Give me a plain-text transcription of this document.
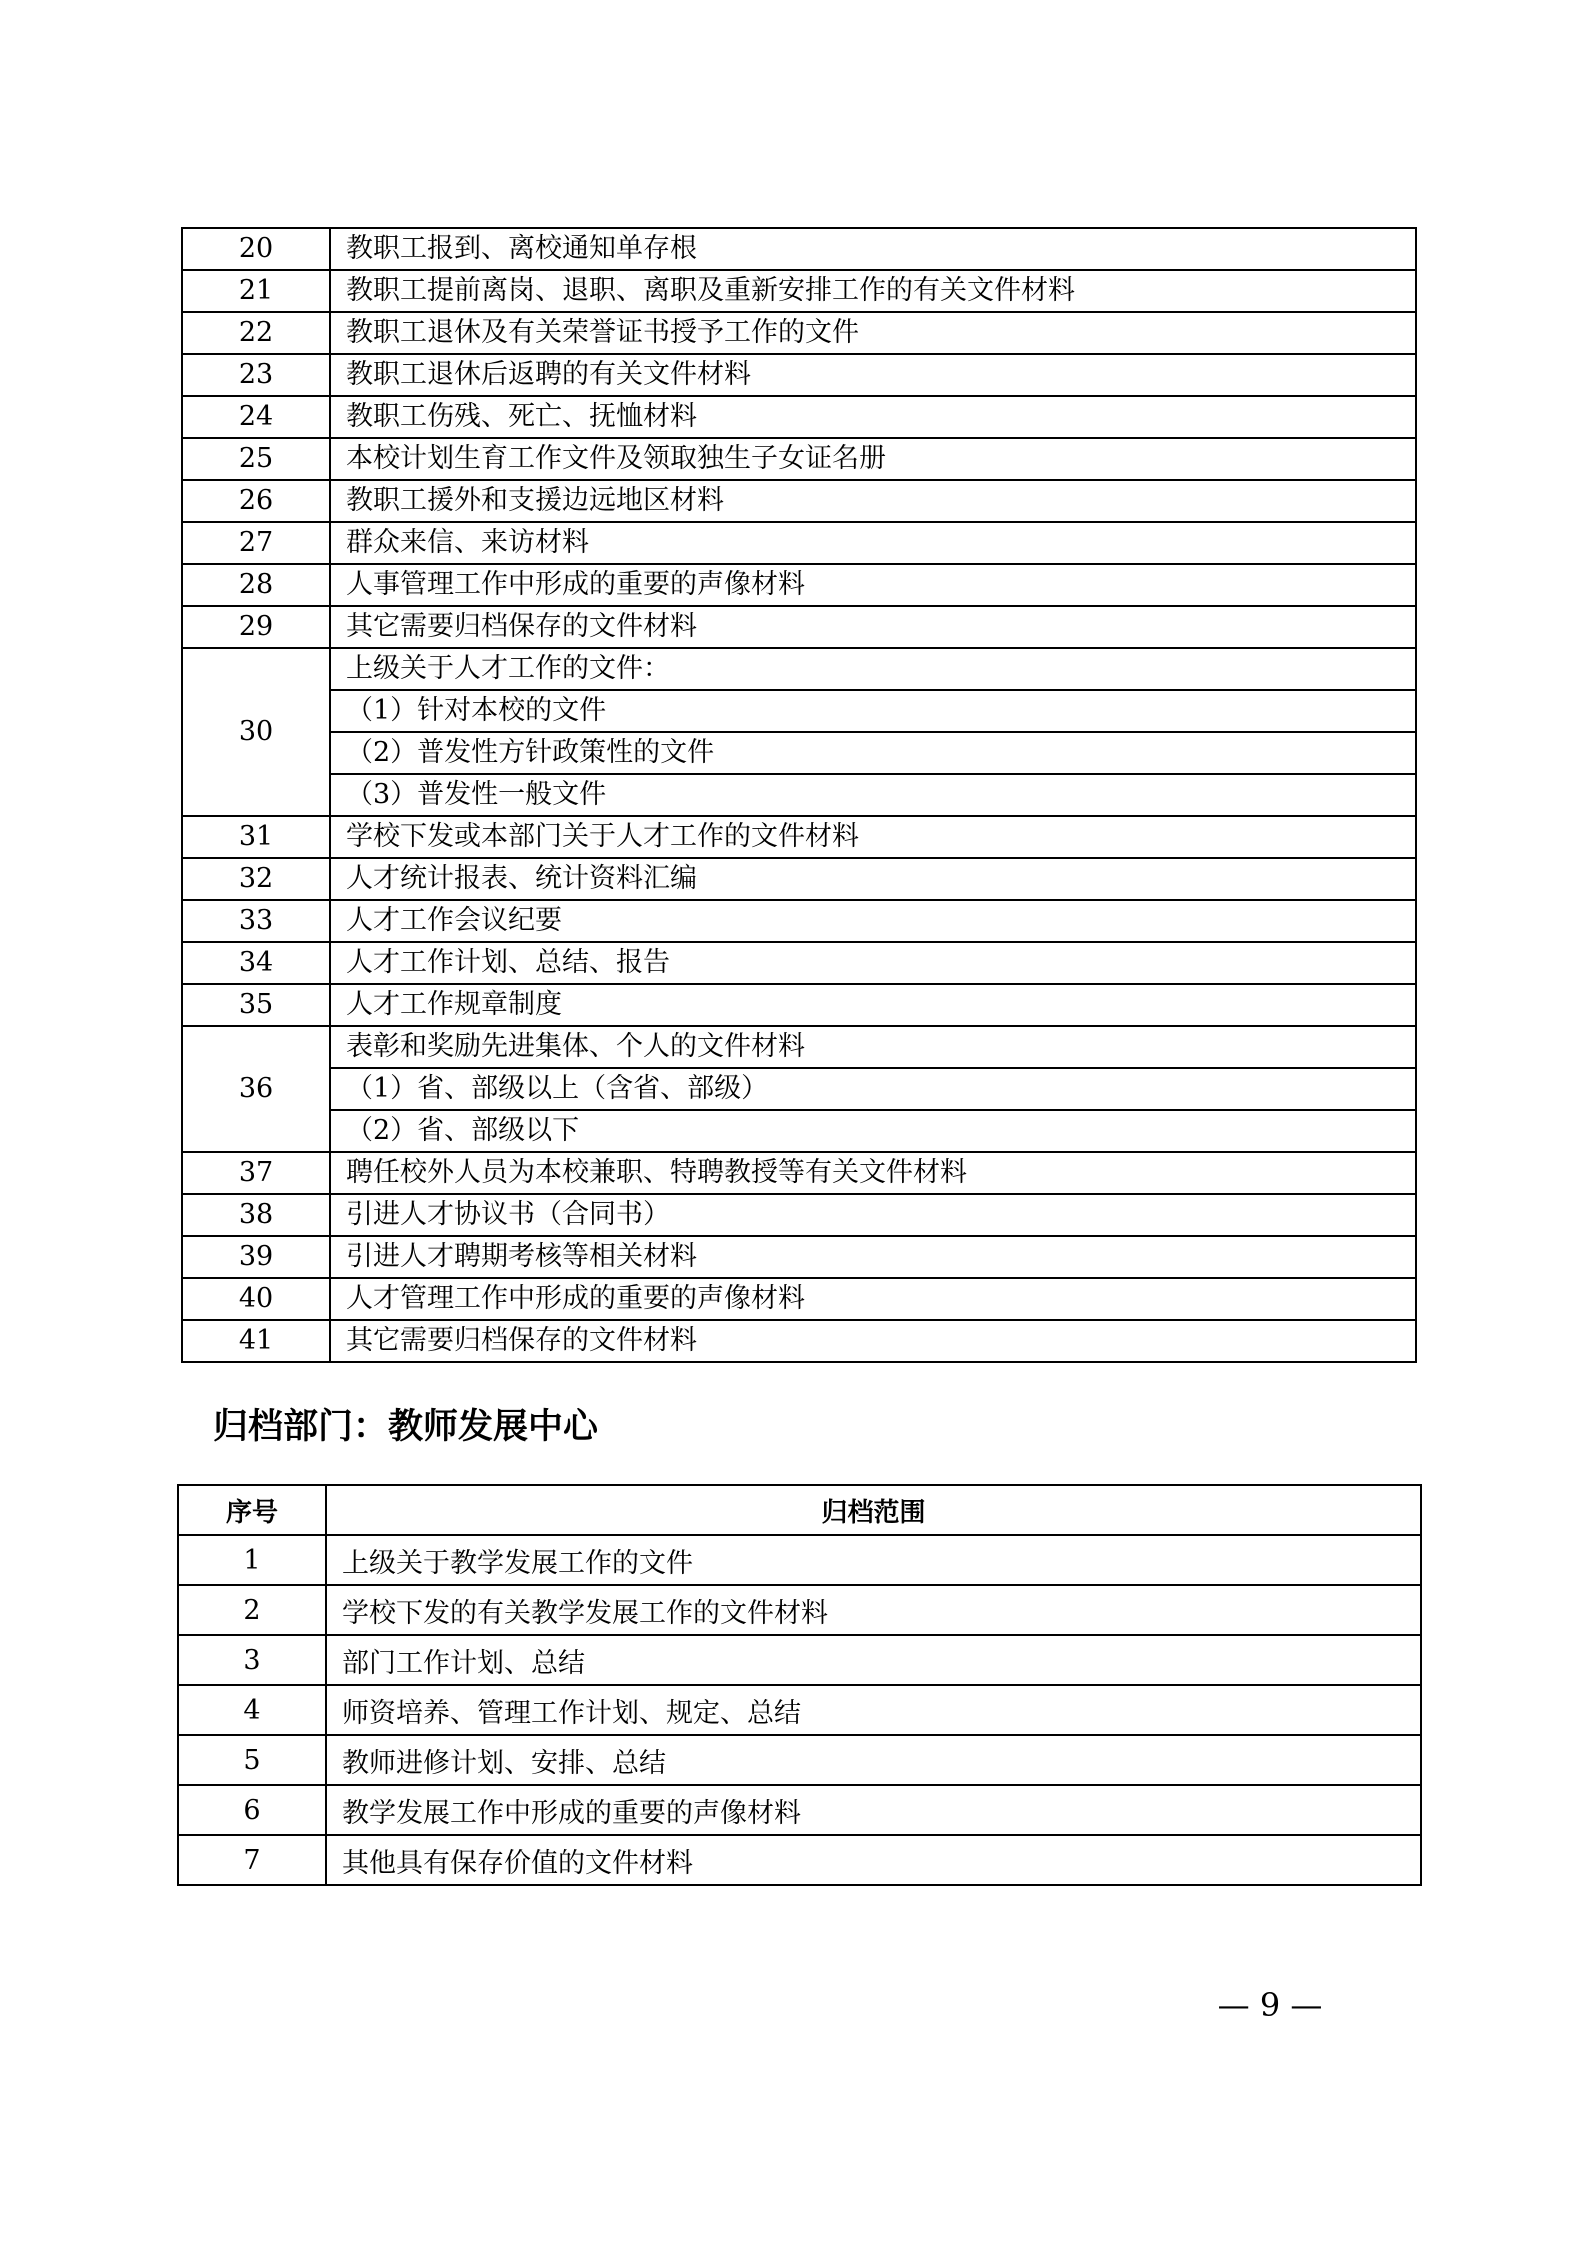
20	教职工报到、离校通知单存根
21	教职工提前离岗、退职、离职及重新安排工作的有关文件材料
22	教职工退休及有关荣誉证书授予工作的文件
23	教职工退休后返聘的有关文件材料
24	教职工伤残、死亡、抚恤材料
25	本校计划生育工作文件及领取独生子女证名册
26	教职工援外和支援边远地区材料
27	群众来信、来访材料
28	人事管理工作中形成的重要的声像材料
29	其它需要归档保存的文件材料
30	上级关于人才工作的文件：
	（1）针对本校的文件
	（2）普发性方针政策性的文件
	（3）普发性一般文件
31	学校下发或本部门关于人才工作的文件材料
32	人才统计报表、统计资料汇编
33	人才工作会议纪要
34	人才工作计划、总结、报告
35	人才工作规章制度
36	表彰和奖励先进集体、个人的文件材料
	（1）省、部级以上（含省、部级）
	（2）省、部级以下
37	聘任校外人员为本校兼职、特聘教授等有关文件材料
38	引进人才协议书（合同书）
39	引进人才聘期考核等相关材料
40	人才管理工作中形成的重要的声像材料
41	其它需要归档保存的文件材料
归档部门：教师发展中心
序号	归档范围
1	上级关于教学发展工作的文件
2	学校下发的有关教学发展工作的文件材料
3	部门工作计划、总结
4	师资培养、管理工作计划、规定、总结
5	教师进修计划、安排、总结
6	教学发展工作中形成的重要的声像材料
7	其他具有保存价值的文件材料
— 9 —
